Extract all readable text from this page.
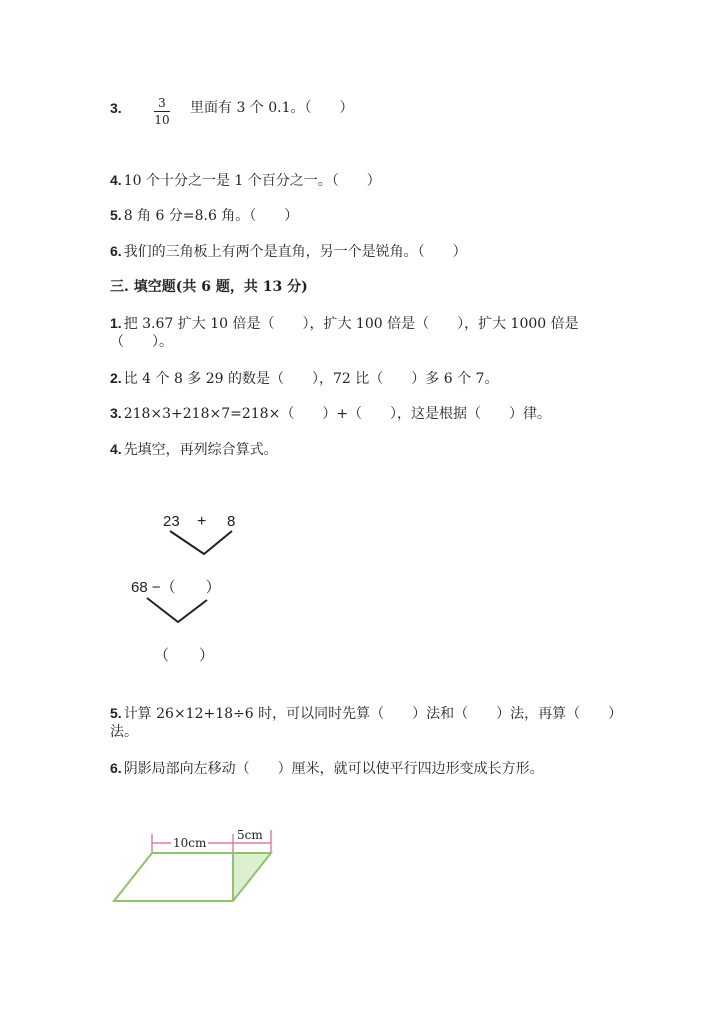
3.	3
10
里面有 3 个 0.1。（　　）
4. 10 个十分之一是 1 个百分之一。（　　）
5. 8 角 6 分=8.6 角。（　　）
6. 我们的三角板上有两个是直角，另一个是锐角。（　　）
三. 填空题(共 6 题，共 13 分)
1. 把 3.67 扩大 10 倍是（　　），扩大 100 倍是（　　），扩大 1000 倍是
（　　）。
2. 比 4 个 8 多 29 的数是（　　），72 比（　　）多 6 个 7。
3. 218×3+218×7=218×（　　）+（　　），这是根据（　　）律。
4. 先填空，再列综合算式。
23 + 8
68 −（　　）
（　　）
5. 计算 26×12+18÷6 时，可以同时先算（　　）法和（　　）法，再算（　　）
法。
6. 阴影局部向左移动（　　）厘米，就可以使平行四边形变成长方形。
10cm
5cm
